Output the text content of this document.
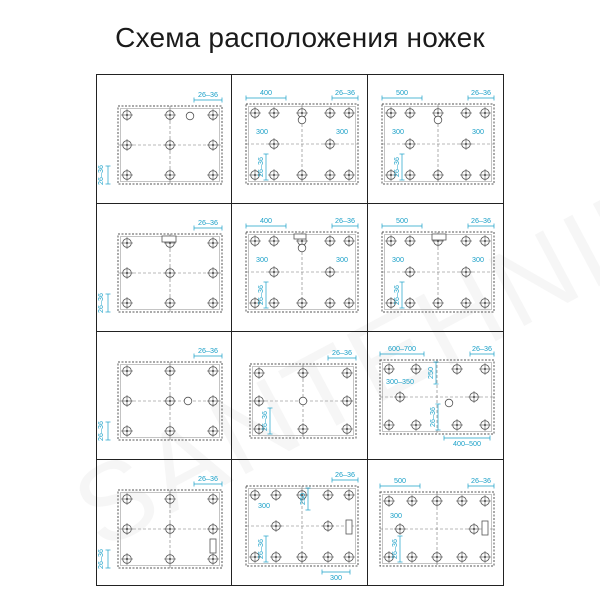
Схема расположения ножек
26–36
26–36
400	26–36
300	300
26–36
500	26–36
300	300
26–36
26–36
26–36
400	26–36
300	300
26–36
500	26–36
300	300
26–36
26–36
26–36
26–36
26–36
600–700	26–36
300–350
250
26–36
400–500
26–36
26–36
26–36
300
250
26–36
300
500	26–36
300
26–36
